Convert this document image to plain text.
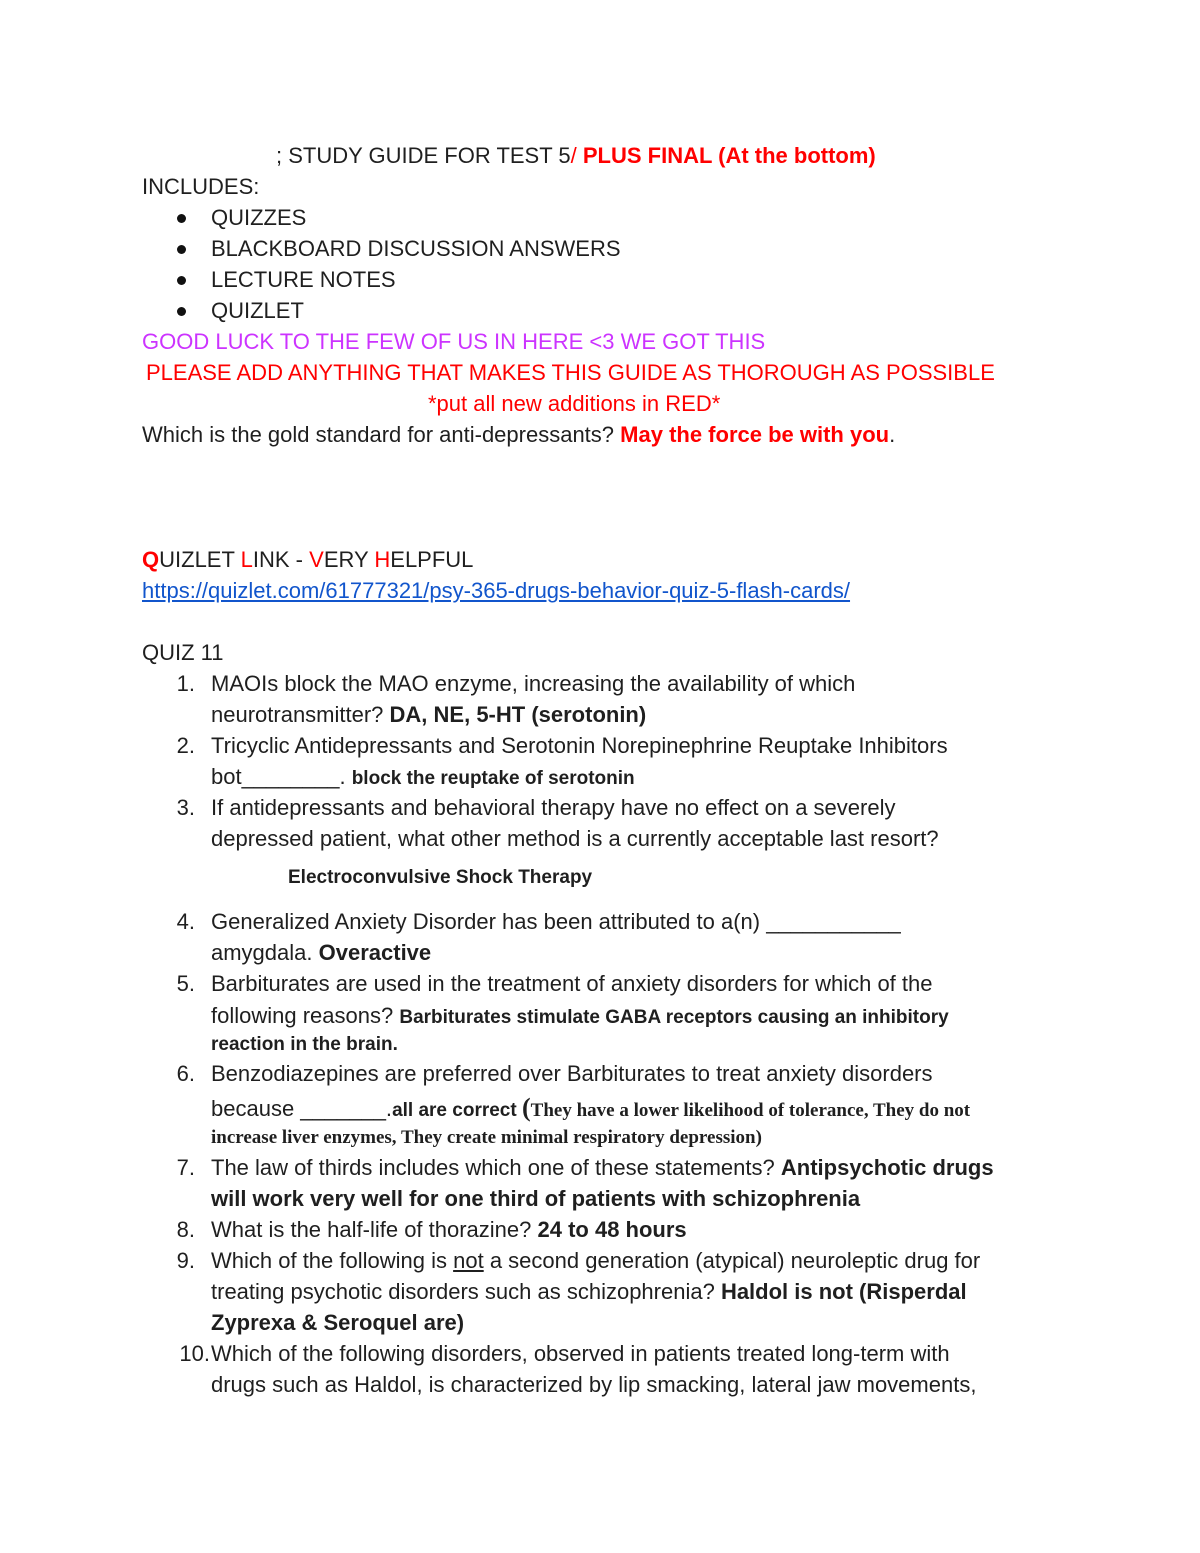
; STUDY GUIDE FOR TEST 5/ PLUS FINAL (At the bottom)
INCLUDES:
QUIZZES
BLACKBOARD DISCUSSION ANSWERS
LECTURE NOTES
QUIZLET
GOOD LUCK TO THE FEW OF US IN HERE <3 WE GOT THIS
PLEASE ADD ANYTHING THAT MAKES THIS GUIDE AS THOROUGH AS POSSIBLE
*put all new additions in RED*
Which is the gold standard for anti-depressants? May the force be with you.
QUIZLET LINK - VERY HELPFUL
https://quizlet.com/61777321/psy-365-drugs-behavior-quiz-5-flash-cards/
QUIZ 11
1. MAOIs block the MAO enzyme, increasing the availability of which
neurotransmitter? DA, NE, 5-HT (serotonin)
2. Tricyclic Antidepressants and Serotonin Norepinephrine Reuptake Inhibitors
bot________. block the reuptake of serotonin
3. If antidepressants and behavioral therapy have no effect on a severely
depressed patient, what other method is a currently acceptable last resort?
Electroconvulsive Shock Therapy
4. Generalized Anxiety Disorder has been attributed to a(n) ___________
amygdala. Overactive
5. Barbiturates are used in the treatment of anxiety disorders for which of the
following reasons? Barbiturates stimulate GABA receptors causing an inhibitory
reaction in the brain.
6. Benzodiazepines are preferred over Barbiturates to treat anxiety disorders
because _______.all are correct (They have a lower likelihood of tolerance, They do not
increase liver enzymes, They create minimal respiratory depression)
7. The law of thirds includes which one of these statements? Antipsychotic drugs
will work very well for one third of patients with schizophrenia
8. What is the half-life of thorazine? 24 to 48 hours
9. Which of the following is not a second generation (atypical) neuroleptic drug for
treating psychotic disorders such as schizophrenia? Haldol is not (Risperdal
Zyprexa & Seroquel are)
10. Which of the following disorders, observed in patients treated long-term with
drugs such as Haldol, is characterized by lip smacking, lateral jaw movements,
